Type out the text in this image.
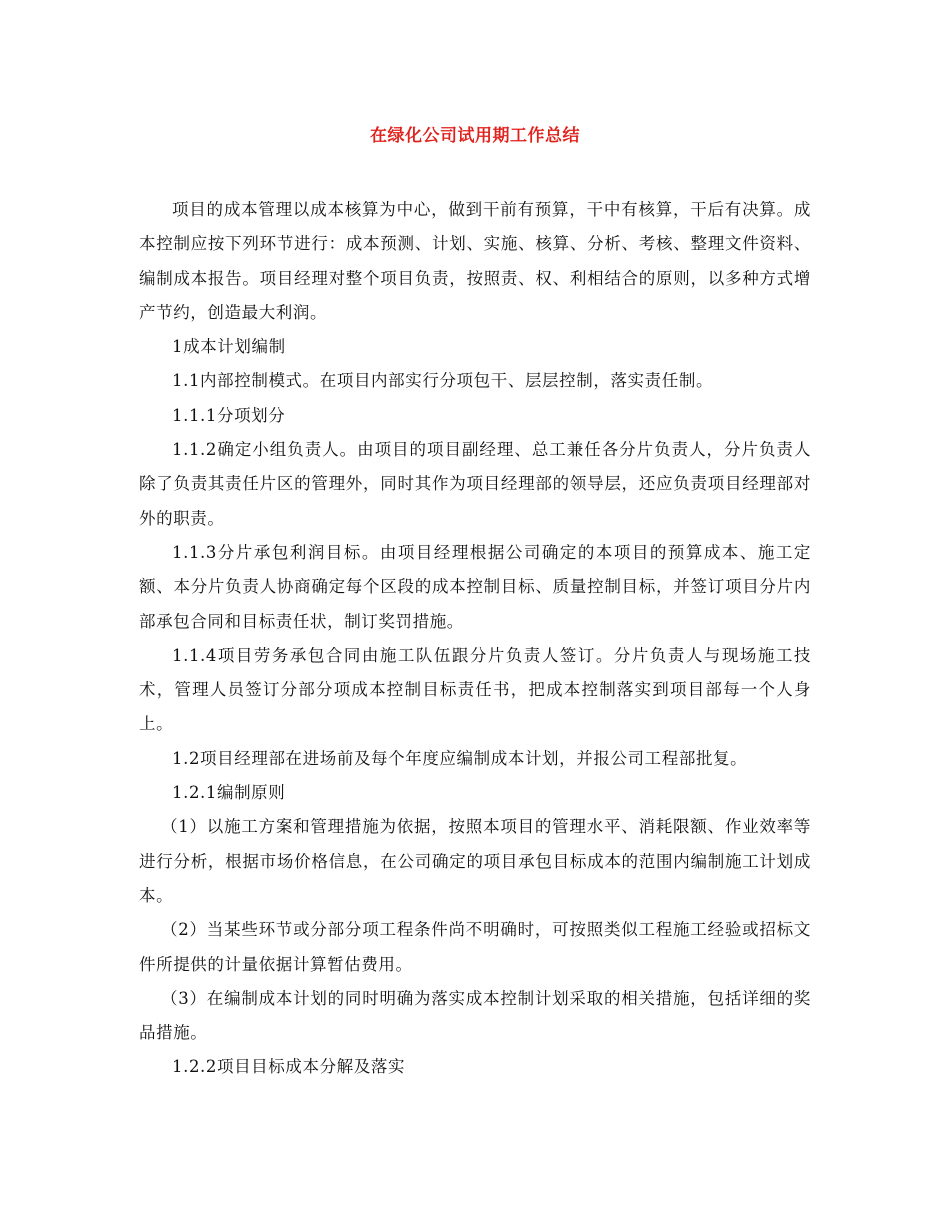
在绿化公司试用期工作总结

项目的成本管理以成本核算为中心，做到干前有预算，干中有核算，干后有决算。成本控制应按下列环节进行：成本预测、计划、实施、核算、分析、考核、整理文件资料、编制成本报告。项目经理对整个项目负责，按照责、权、利相结合的原则，以多种方式增产节约，创造最大利润。

1成本计划编制

1.1内部控制模式。在项目内部实行分项包干、层层控制，落实责任制。

1.1.1分项划分

1.1.2确定小组负责人。由项目的项目副经理、总工兼任各分片负责人，分片负责人除了负责其责任片区的管理外，同时其作为项目经理部的领导层，还应负责项目经理部对外的职责。

1.1.3分片承包利润目标。由项目经理根据公司确定的本项目的预算成本、施工定额、本分片负责人协商确定每个区段的成本控制目标、质量控制目标，并签订项目分片内部承包合同和目标责任状，制订奖罚措施。

1.1.4项目劳务承包合同由施工队伍跟分片负责人签订。分片负责人与现场施工技术，管理人员签订分部分项成本控制目标责任书，把成本控制落实到项目部每一个人身上。

1.2项目经理部在进场前及每个年度应编制成本计划，并报公司工程部批复。

1.2.1编制原则

（1）以施工方案和管理措施为依据，按照本项目的管理水平、消耗限额、作业效率等进行分析，根据市场价格信息，在公司确定的项目承包目标成本的范围内编制施工计划成本。

（2）当某些环节或分部分项工程条件尚不明确时，可按照类似工程施工经验或招标文件所提供的计量依据计算暂估费用。

（3）在编制成本计划的同时明确为落实成本控制计划采取的相关措施，包括详细的奖品措施。

1.2.2项目目标成本分解及落实
